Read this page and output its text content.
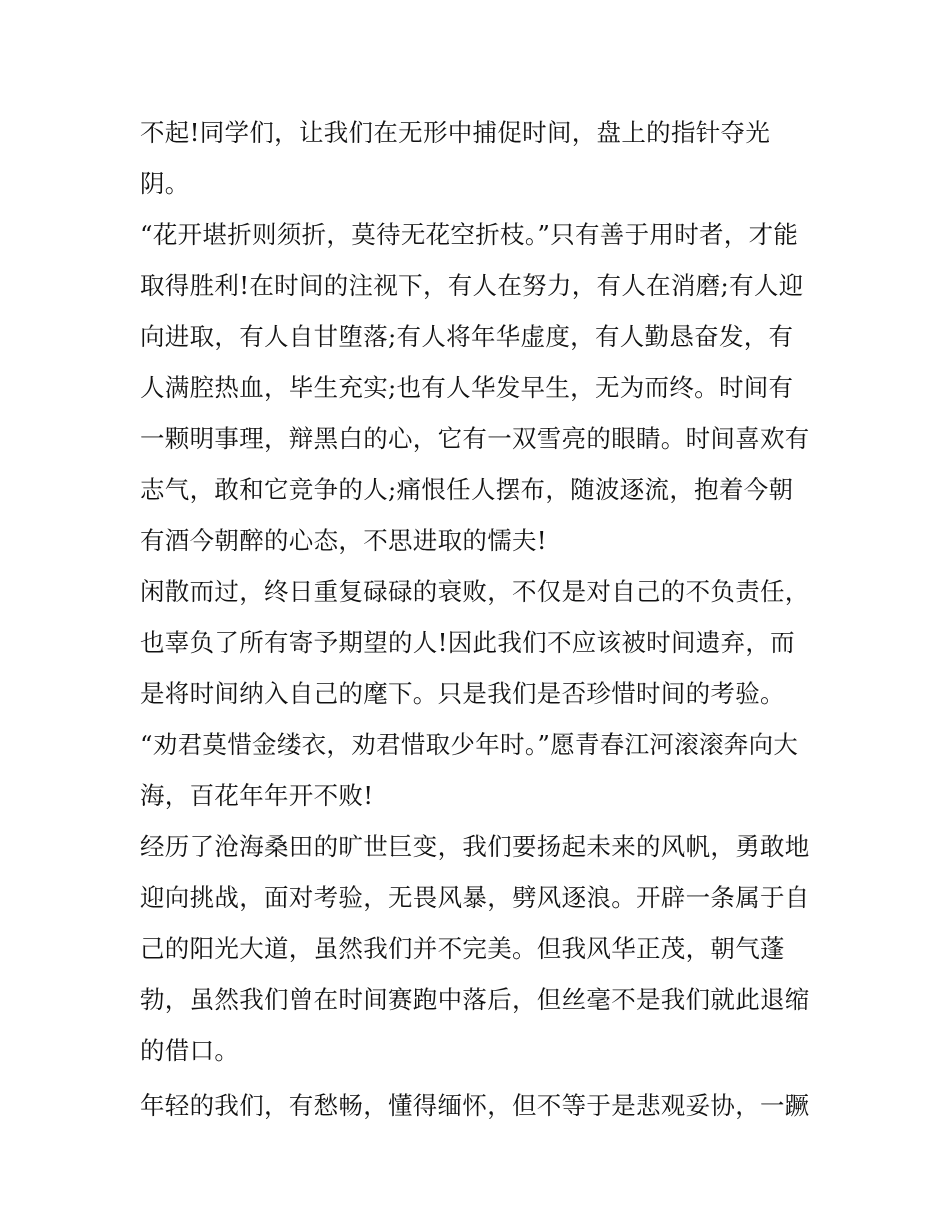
不起!同学们，让我们在无形中捕促时间，盘上的指针夺光
阴。
“花开堪折则须折，莫待无花空折枝。”只有善于用时者，才能
取得胜利!在时间的注视下，有人在努力，有人在消磨;有人迎
向进取，有人自甘堕落;有人将年华虚度，有人勤恳奋发，有
人满腔热血，毕生充实;也有人华发早生，无为而终。时间有
一颗明事理，辩黑白的心，它有一双雪亮的眼睛。时间喜欢有
志气，敢和它竞争的人;痛恨任人摆布，随波逐流，抱着今朝
有酒今朝醉的心态，不思进取的懦夫!
闲散而过，终日重复碌碌的衰败，不仅是对自己的不负责任，
也辜负了所有寄予期望的人!因此我们不应该被时间遗弃，而
是将时间纳入自己的麾下。只是我们是否珍惜时间的考验。
“劝君莫惜金缕衣，劝君惜取少年时。”愿青春江河滚滚奔向大
海，百花年年开不败!
经历了沧海桑田的旷世巨变，我们要扬起未来的风帆，勇敢地
迎向挑战，面对考验，无畏风暴，劈风逐浪。开辟一条属于自
己的阳光大道，虽然我们并不完美。但我风华正茂，朝气蓬
勃，虽然我们曾在时间赛跑中落后，但丝毫不是我们就此退缩
的借口。
年轻的我们，有愁畅，懂得缅怀，但不等于是悲观妥协，一蹶
